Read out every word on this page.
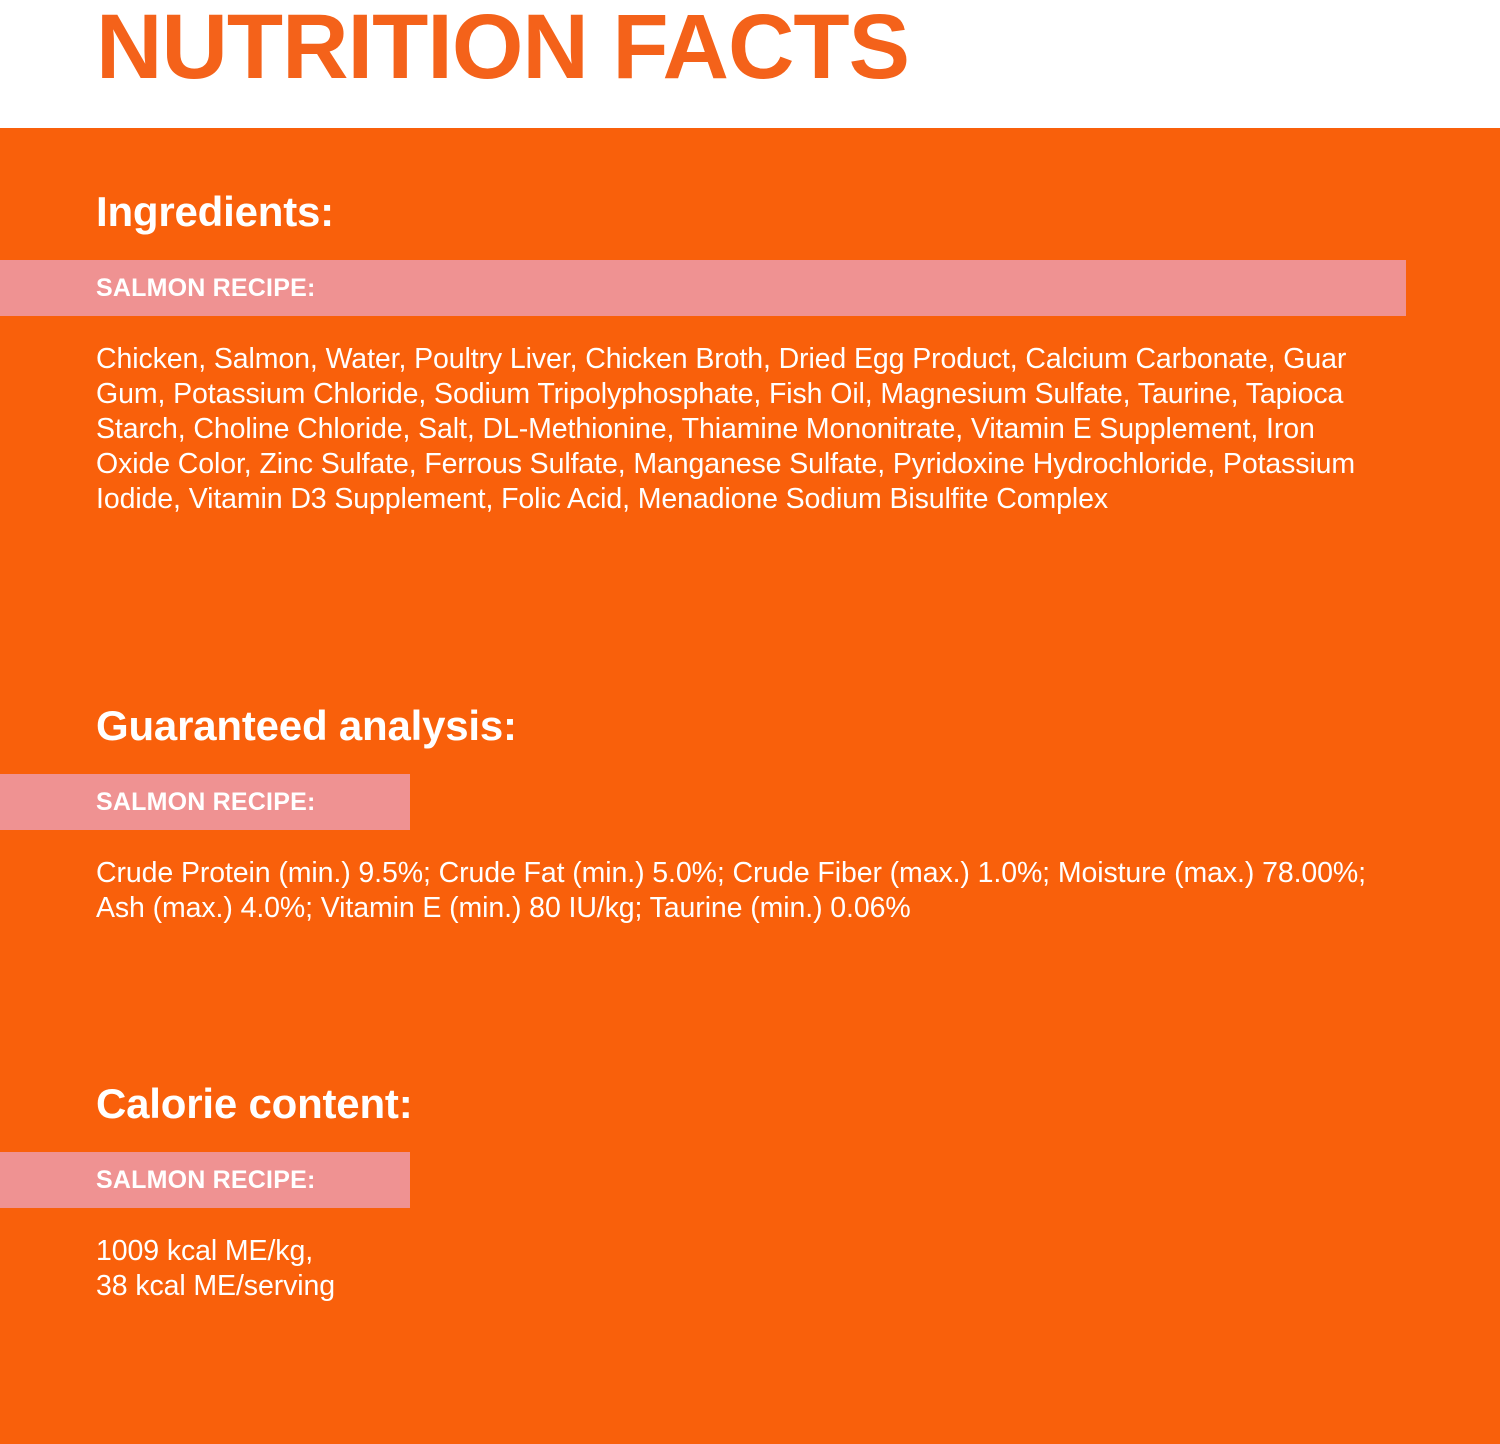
NUTRITION FACTS
Ingredients:
SALMON RECIPE:
Chicken, Salmon, Water, Poultry Liver, Chicken Broth, Dried Egg Product, Calcium Carbonate, Guar Gum, Potassium Chloride, Sodium Tripolyphosphate, Fish Oil, Magnesium Sulfate, Taurine, Tapioca Starch, Choline Chloride, Salt, DL-Methionine, Thiamine Mononitrate, Vitamin E Supplement, Iron Oxide Color, Zinc Sulfate, Ferrous Sulfate, Manganese Sulfate, Pyridoxine Hydrochloride, Potassium Iodide, Vitamin D3 Supplement, Folic Acid, Menadione Sodium Bisulfite Complex
Guaranteed analysis:
SALMON RECIPE:
Crude Protein (min.) 9.5%; Crude Fat (min.) 5.0%; Crude Fiber (max.) 1.0%; Moisture (max.) 78.00%; Ash (max.) 4.0%; Vitamin E (min.) 80 IU/kg; Taurine (min.) 0.06%
Calorie content:
SALMON RECIPE:
1009 kcal ME/kg,
38 kcal ME/serving
